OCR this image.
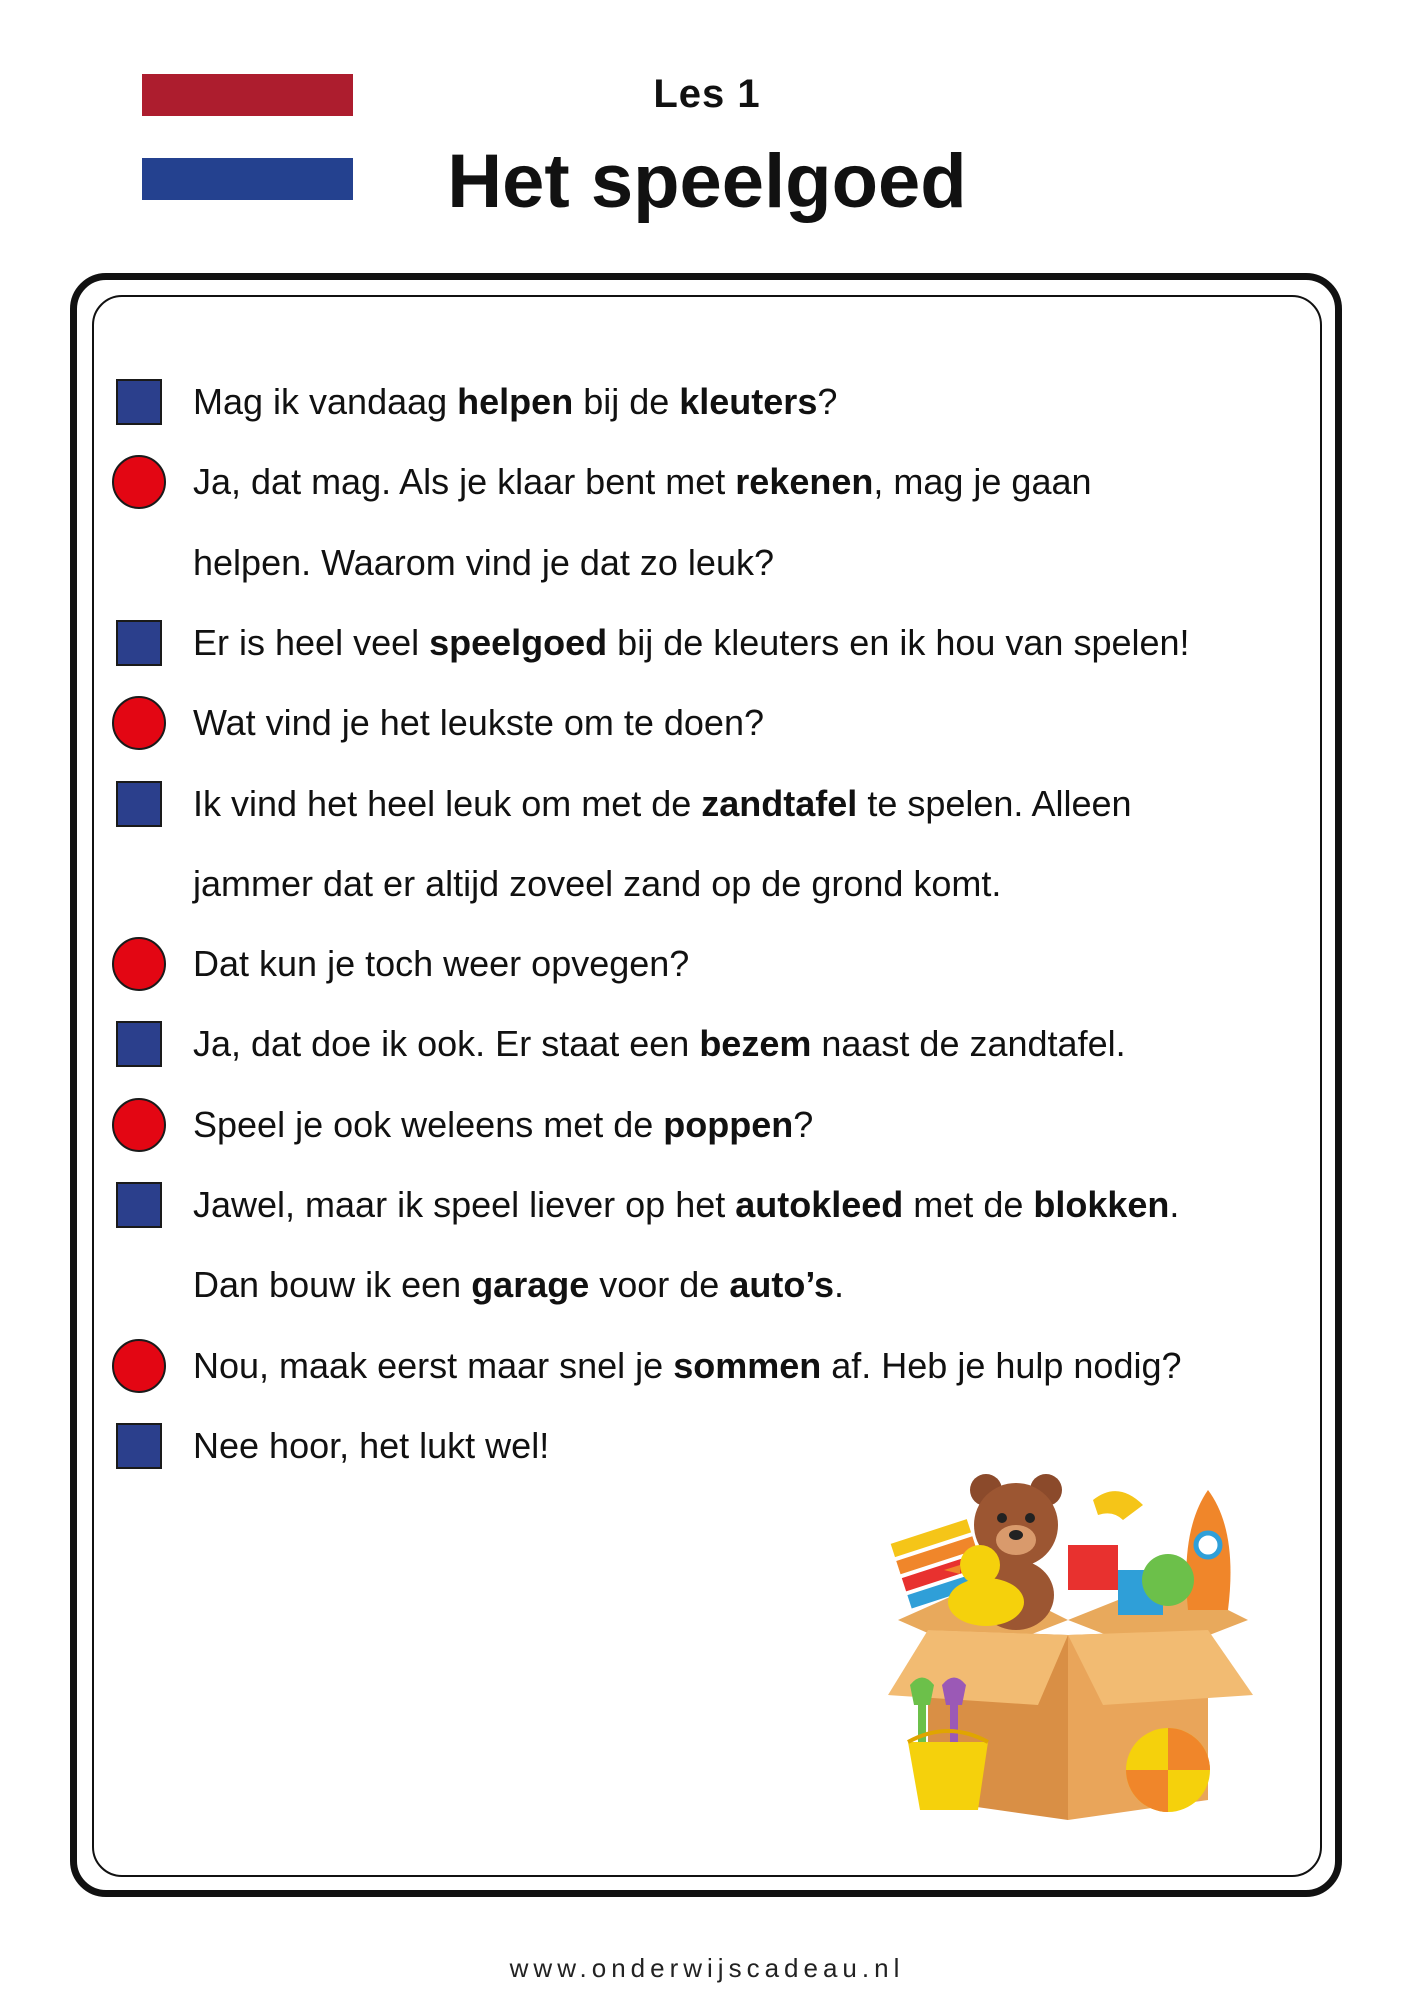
Les 1
Het speelgoed
Mag ik vandaag helpen bij de kleuters?
Ja, dat mag. Als je klaar bent met rekenen, mag je gaan
helpen. Waarom vind je dat zo leuk?
Er is heel veel speelgoed bij de kleuters en ik hou van spelen!
Wat vind je het leukste om te doen?
Ik vind het heel leuk om met de zandtafel te spelen. Alleen
jammer dat er altijd zoveel zand op de grond komt.
Dat kun je toch weer opvegen?
Ja, dat doe ik ook. Er staat een bezem naast de zandtafel.
Speel je ook weleens met de poppen?
Jawel, maar ik speel liever op het autokleed met de blokken.
Dan bouw ik een garage voor de auto’s.
Nou, maak eerst maar snel je sommen af. Heb je hulp nodig?
Nee hoor, het lukt wel!
www.onderwijscadeau.nl
